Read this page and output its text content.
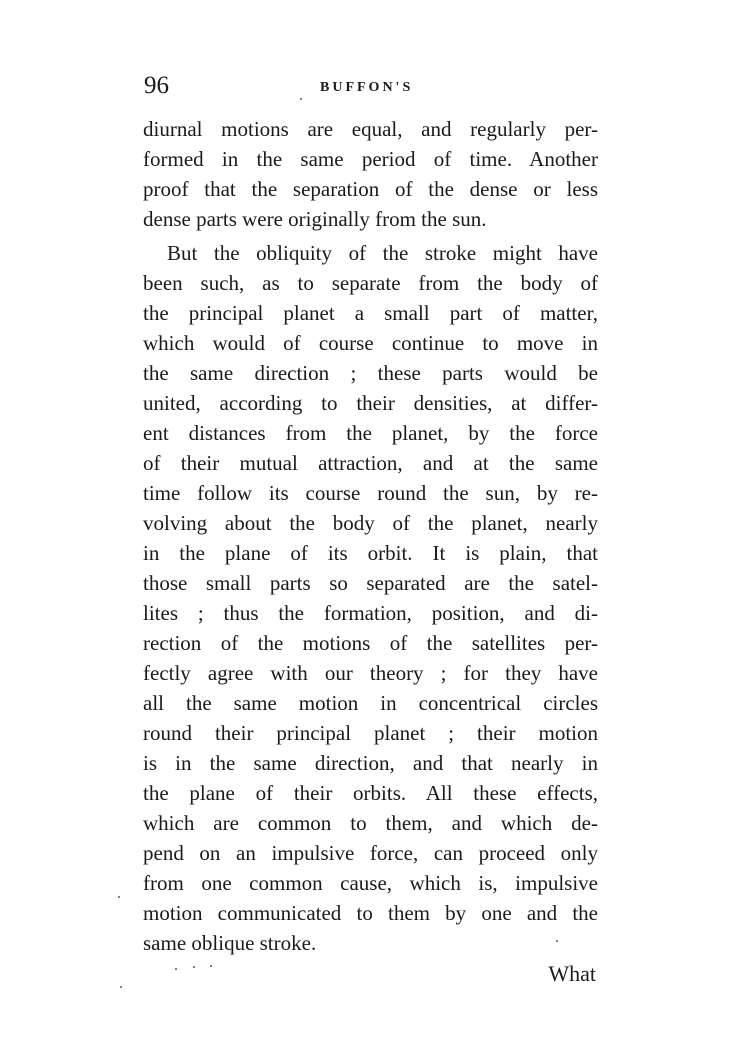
96	BUFFON'S
diurnal motions are equal, and regularly per-
formed in the same period of time. Another
proof that the separation of the dense or less
dense parts were originally from the sun.
But the obliquity of the stroke might have
been such, as to separate from the body of
the principal planet a small part of matter,
which would of course continue to move in
the same direction ; these parts would be
united, according to their densities, at differ-
ent distances from the planet, by the force
of their mutual attraction, and at the same
time follow its course round the sun, by re-
volving about the body of the planet, nearly
in the plane of its orbit. It is plain, that
those small parts so separated are the satel-
lites ; thus the formation, position, and di-
rection of the motions of the satellites per-
fectly agree with our theory ; for they have
all the same motion in concentrical circles
round their principal planet ; their motion
is in the same direction, and that nearly in
the plane of their orbits. All these effects,
which are common to them, and which de-
pend on an impulsive force, can proceed only
from one common cause, which is, impulsive
motion communicated to them by one and the
same oblique stroke.
What
